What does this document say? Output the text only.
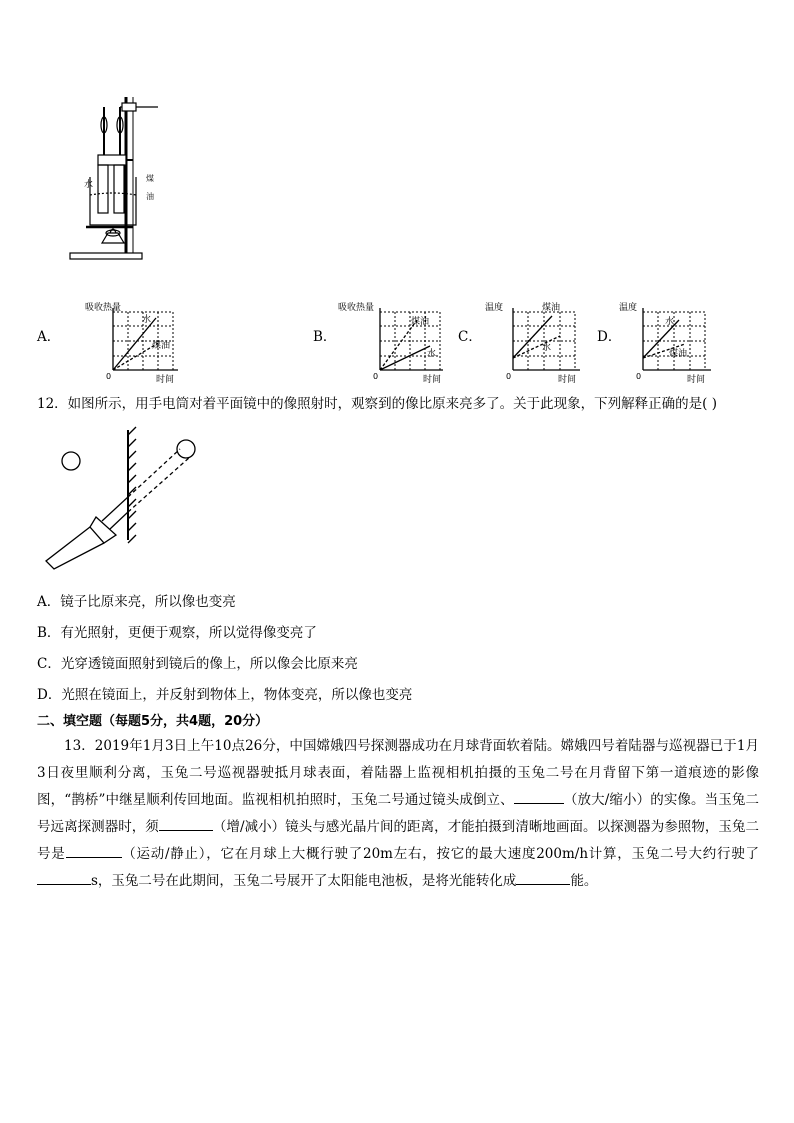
水
煤
油
A．	B．	C．	D．
吸收热量
水
煤油
0	时间
吸收热量
煤油
水
0	时间
温度	煤油
水
0	时间
温度
水
煤油
0	时间
12．如图所示，用手电筒对着平面镜中的像照射时，观察到的像比原来亮多了。关于此现象，下列解释正确的是( )
A．镜子比原来亮，所以像也变亮
B．有光照射，更便于观察，所以觉得像变亮了
C．光穿透镜面照射到镜后的像上，所以像会比原来亮
D．光照在镜面上，并反射到物体上，物体变亮，所以像也变亮
二、填空题（每题5分，共4题，20分）
13．2019年1月3日上午10点26分，中国嫦娥四号探测器成功在月球背面软着陆。嫦娥四号着陆器与巡视器已于1月3日夜里顺利分离，玉兔二号巡视器驶抵月球表面，着陆器上监视相机拍摄的玉兔二号在月背留下第一道痕迹的影像图，“鹊桥”中继星顺利传回地面。监视相机拍照时，玉兔二号通过镜头成倒立、	（放大/缩小）的实像。当玉兔二号远离探测器时，须	（增/减小）镜头与感光晶片间的距离，才能拍摄到清晰地画面。以探测器为参照物，玉兔二号是	（运动/静止），它在月球上大概行驶了20m左右，按它的最大速度200m/h计算，玉兔二号大约行驶了s，玉兔二号在此期间，玉兔二号展开了太阳能电池板，是将光能转化成	能。
